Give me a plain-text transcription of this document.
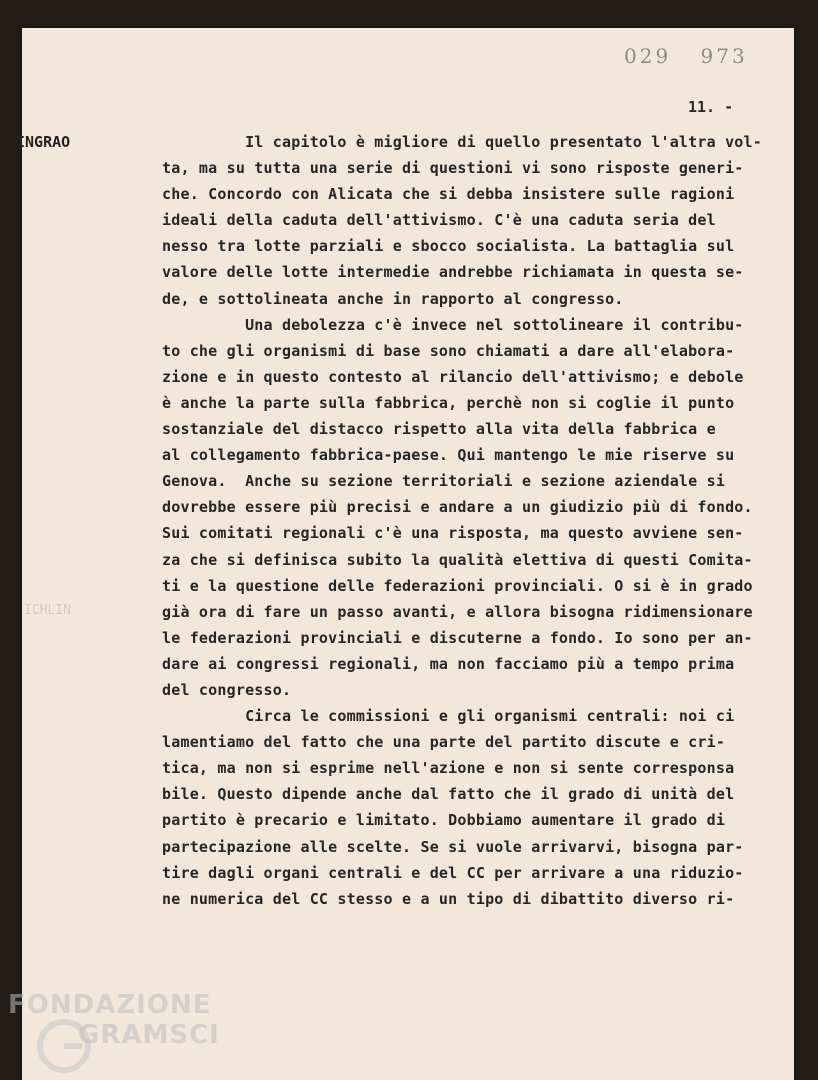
029 973
11. -
INGRAO
ICHLIN
Il capitolo è migliore di quello presentato l'altra vol-
ta, ma su tutta una serie di questioni vi sono risposte generi-
che. Concordo con Alicata che si debba insistere sulle ragioni
ideali della caduta dell'attivismo. C'è una caduta seria del
nesso tra lotte parziali e sbocco socialista. La battaglia sul
valore delle lotte intermedie andrebbe richiamata in questa se-
de, e sottolineata anche in rapporto al congresso.
Una debolezza c'è invece nel sottolineare il contribu-
to che gli organismi di base sono chiamati a dare all'elabora-
zione e in questo contesto al rilancio dell'attivismo; e debole
è anche la parte sulla fabbrica, perchè non si coglie il punto
sostanziale del distacco rispetto alla vita della fabbrica e
al collegamento fabbrica-paese. Qui mantengo le mie riserve su
Genova.  Anche su sezione territoriali e sezione aziendale si
dovrebbe essere più precisi e andare a un giudizio più di fondo.
Sui comitati regionali c'è una risposta, ma questo avviene sen-
za che si definisca subito la qualità elettiva di questi Comita-
ti e la questione delle federazioni provinciali. O si è in grado
già ora di fare un passo avanti, e allora bisogna ridimensionare
le federazioni provinciali e discuterne a fondo. Io sono per an-
dare ai congressi regionali, ma non facciamo più a tempo prima
del congresso.
Circa le commissioni e gli organismi centrali: noi ci
lamentiamo del fatto che una parte del partito discute e cri-
tica, ma non si esprime nell'azione e non si sente corresponsa
bile. Questo dipende anche dal fatto che il grado di unità del
partito è precario e limitato. Dobbiamo aumentare il grado di
partecipazione alle scelte. Se si vuole arrivarvi, bisogna par-
tire dagli organi centrali e del CC per arrivare a una riduzio-
ne numerica del CC stesso e a un tipo di dibattito diverso ri-
FONDAZIONE
GRAMSCI
